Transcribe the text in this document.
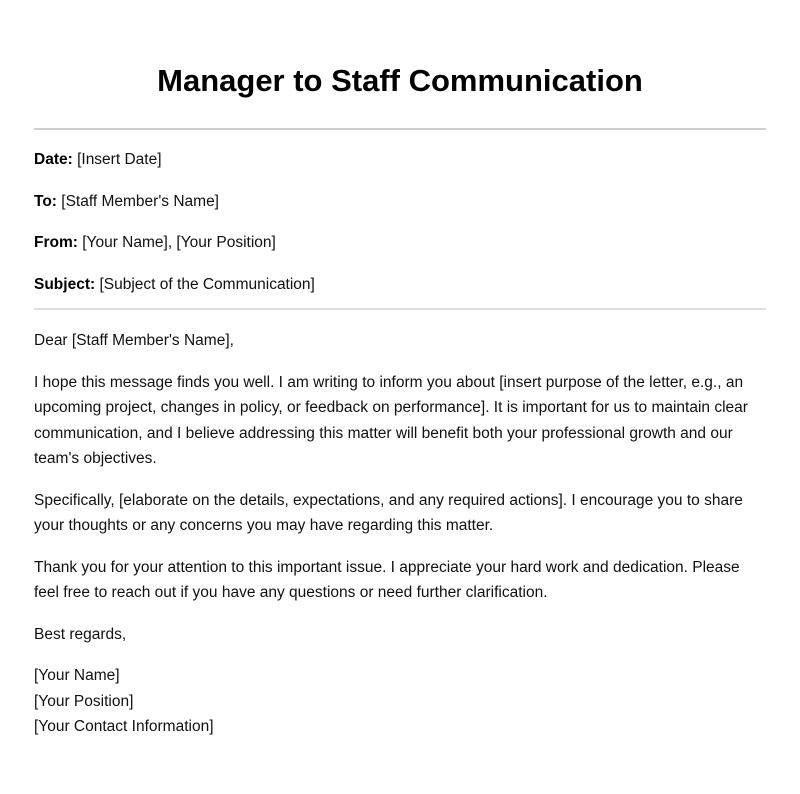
Manager to Staff Communication
Date: [Insert Date]
To: [Staff Member's Name]
From: [Your Name], [Your Position]
Subject: [Subject of the Communication]

Dear [Staff Member's Name],

I hope this message finds you well. I am writing to inform you about [insert purpose of the letter, e.g., an upcoming project, changes in policy, or feedback on performance]. It is important for us to maintain clear communication, and I believe addressing this matter will benefit both your professional growth and our team's objectives.

Specifically, [elaborate on the details, expectations, and any required actions]. I encourage you to share your thoughts or any concerns you may have regarding this matter.

Thank you for your attention to this important issue. I appreciate your hard work and dedication. Please feel free to reach out if you have any questions or need further clarification.

Best regards,

[Your Name]
[Your Position]
[Your Contact Information]
